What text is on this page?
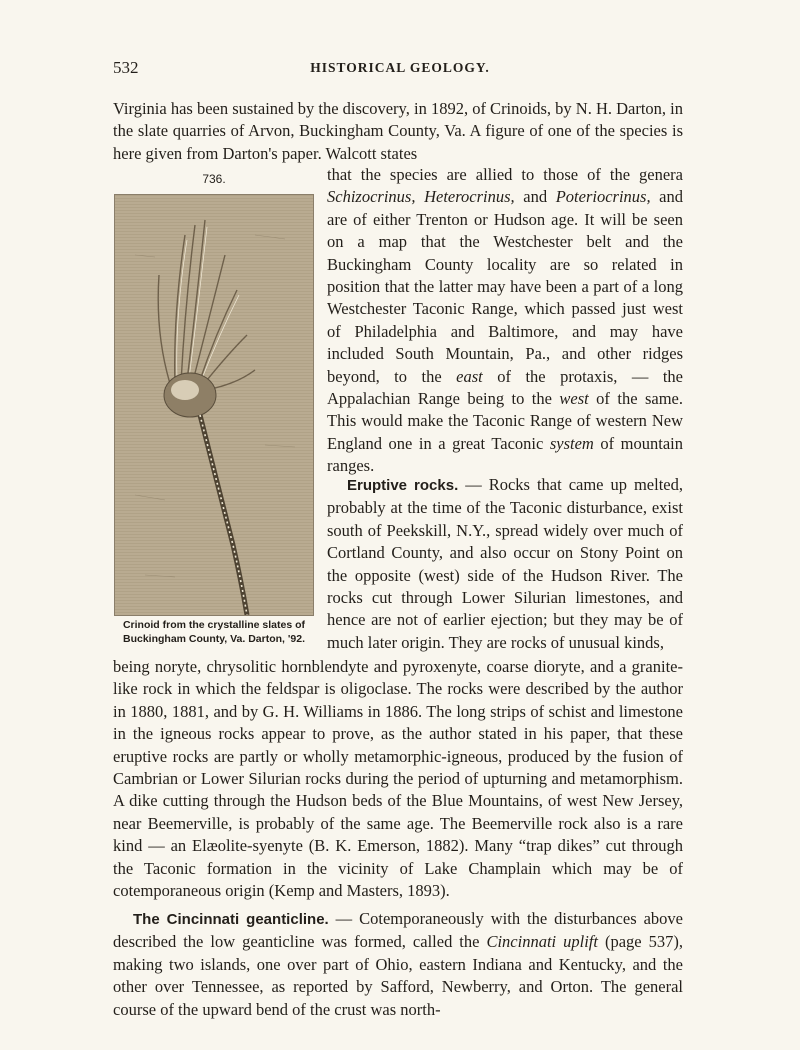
532	HISTORICAL GEOLOGY.

Virginia has been sustained by the discovery, in 1892, of Crinoids, by N. H. Darton, in the slate quarries of Arvon, Buckingham County, Va. A figure of one of the species is here given from Darton's paper. Walcott states

736.
Crinoid from the crystalline slates of Buckingham County, Va. Darton, '92.

that the species are allied to those of the genera Schizocrinus, Heterocrinus, and Poteriocrinus, and are of either Trenton or Hudson age. It will be seen on a map that the Westchester belt and the Buckingham County locality are so related in position that the latter may have been a part of a long Westchester Taconic Range, which passed just west of Philadelphia and Baltimore, and may have included South Mountain, Pa., and other ridges beyond, to the east of the protaxis, — the Appalachian Range being to the west of the same. This would make the Taconic Range of western New England one in a great Taconic system of mountain ranges.

Eruptive rocks. — Rocks that came up melted, probably at the time of the Taconic disturbance, exist south of Peekskill, N.Y., spread widely over much of Cortland County, and also occur on Stony Point on the opposite (west) side of the Hudson River. The rocks cut through Lower Silurian limestones, and hence are not of earlier ejection; but they may be of much later origin. They are rocks of unusual kinds,

being noryte, chrysolitic hornblendyte and pyroxenyte, coarse dioryte, and a granite-like rock in which the feldspar is oligoclase. The rocks were described by the author in 1880, 1881, and by G. H. Williams in 1886. The long strips of schist and limestone in the igneous rocks appear to prove, as the author stated in his paper, that these eruptive rocks are partly or wholly metamorphic-igneous, produced by the fusion of Cambrian or Lower Silurian rocks during the period of upturning and metamorphism. A dike cutting through the Hudson beds of the Blue Mountains, of west New Jersey, near Beemerville, is probably of the same age. The Beemerville rock also is a rare kind — an Elæolite-syenyte (B. K. Emerson, 1882). Many “trap dikes” cut through the Taconic formation in the vicinity of Lake Champlain which may be of cotemporaneous origin (Kemp and Masters, 1893).

The Cincinnati geanticline. — Cotemporaneously with the disturbances above described the low geanticline was formed, called the Cincinnati uplift (page 537), making two islands, one over part of Ohio, eastern Indiana and Kentucky, and the other over Tennessee, as reported by Safford, Newberry, and Orton. The general course of the upward bend of the crust was north-
